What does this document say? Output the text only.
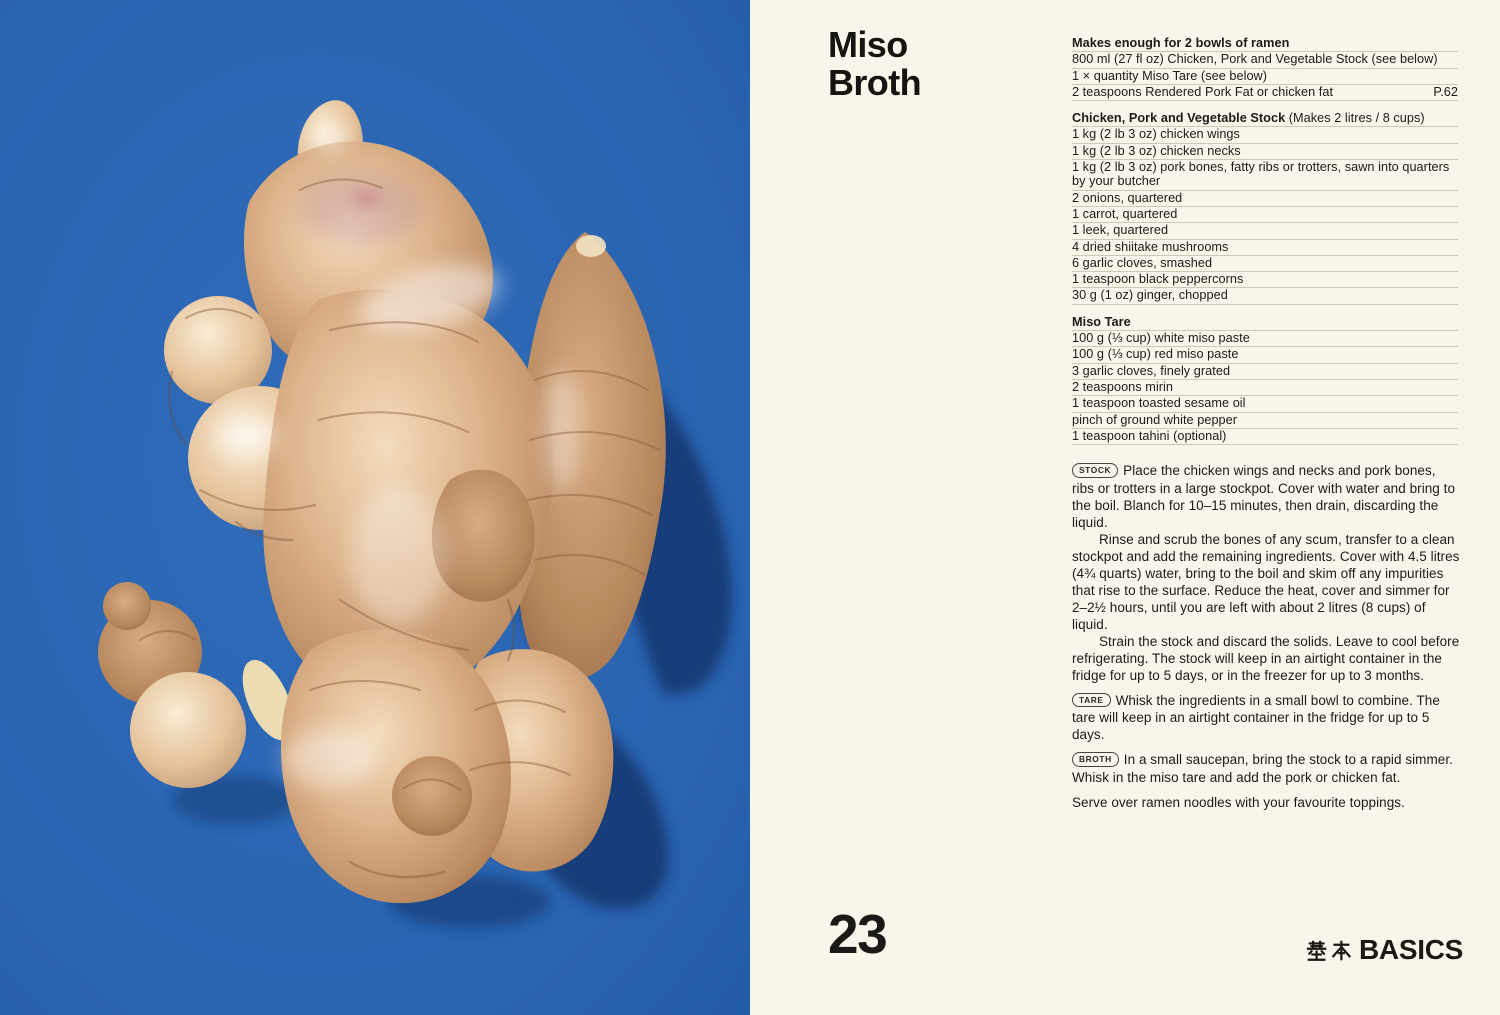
Miso
Broth
Makes enough for 2 bowls of ramen
800 ml (27 fl oz) Chicken, Pork and Vegetable Stock (see below)
1 × quantity Miso Tare (see below)
2 teaspoons Rendered Pork Fat or chicken fat	P.62
Chicken, Pork and Vegetable Stock (Makes 2 litres / 8 cups)
1 kg (2 lb 3 oz) chicken wings
1 kg (2 lb 3 oz) chicken necks
1 kg (2 lb 3 oz) pork bones, fatty ribs or trotters, sawn into quarters by your butcher
2 onions, quartered
1 carrot, quartered
1 leek, quartered
4 dried shiitake mushrooms
6 garlic cloves, smashed
1 teaspoon black peppercorns
30 g (1 oz) ginger, chopped
Miso Tare
100 g (⅓ cup) white miso paste
100 g (⅓ cup) red miso paste
3 garlic cloves, finely grated
2 teaspoons mirin
1 teaspoon toasted sesame oil
pinch of ground white pepper
1 teaspoon tahini (optional)

STOCK Place the chicken wings and necks and pork bones, ribs or trotters in a large stockpot. Cover with water and bring to the boil. Blanch for 10–15 minutes, then drain, discarding the liquid.

Rinse and scrub the bones of any scum, transfer to a clean stockpot and add the remaining ingredients. Cover with 4.5 litres (4¾ quarts) water, bring to the boil and skim off any impurities that rise to the surface. Reduce the heat, cover and simmer for 2–2½ hours, until you are left with about 2 litres (8 cups) of liquid.

Strain the stock and discard the solids. Leave to cool before refrigerating. The stock will keep in an airtight container in the fridge for up to 5 days, or in the freezer for up to 3 months.

TARE Whisk the ingredients in a small bowl to combine. The tare will keep in an airtight container in the fridge for up to 5 days.

BROTH In a small saucepan, bring the stock to a rapid simmer. Whisk in the miso tare and add the pork or chicken fat.

Serve over ramen noodles with your favourite toppings.

23	BASICS
